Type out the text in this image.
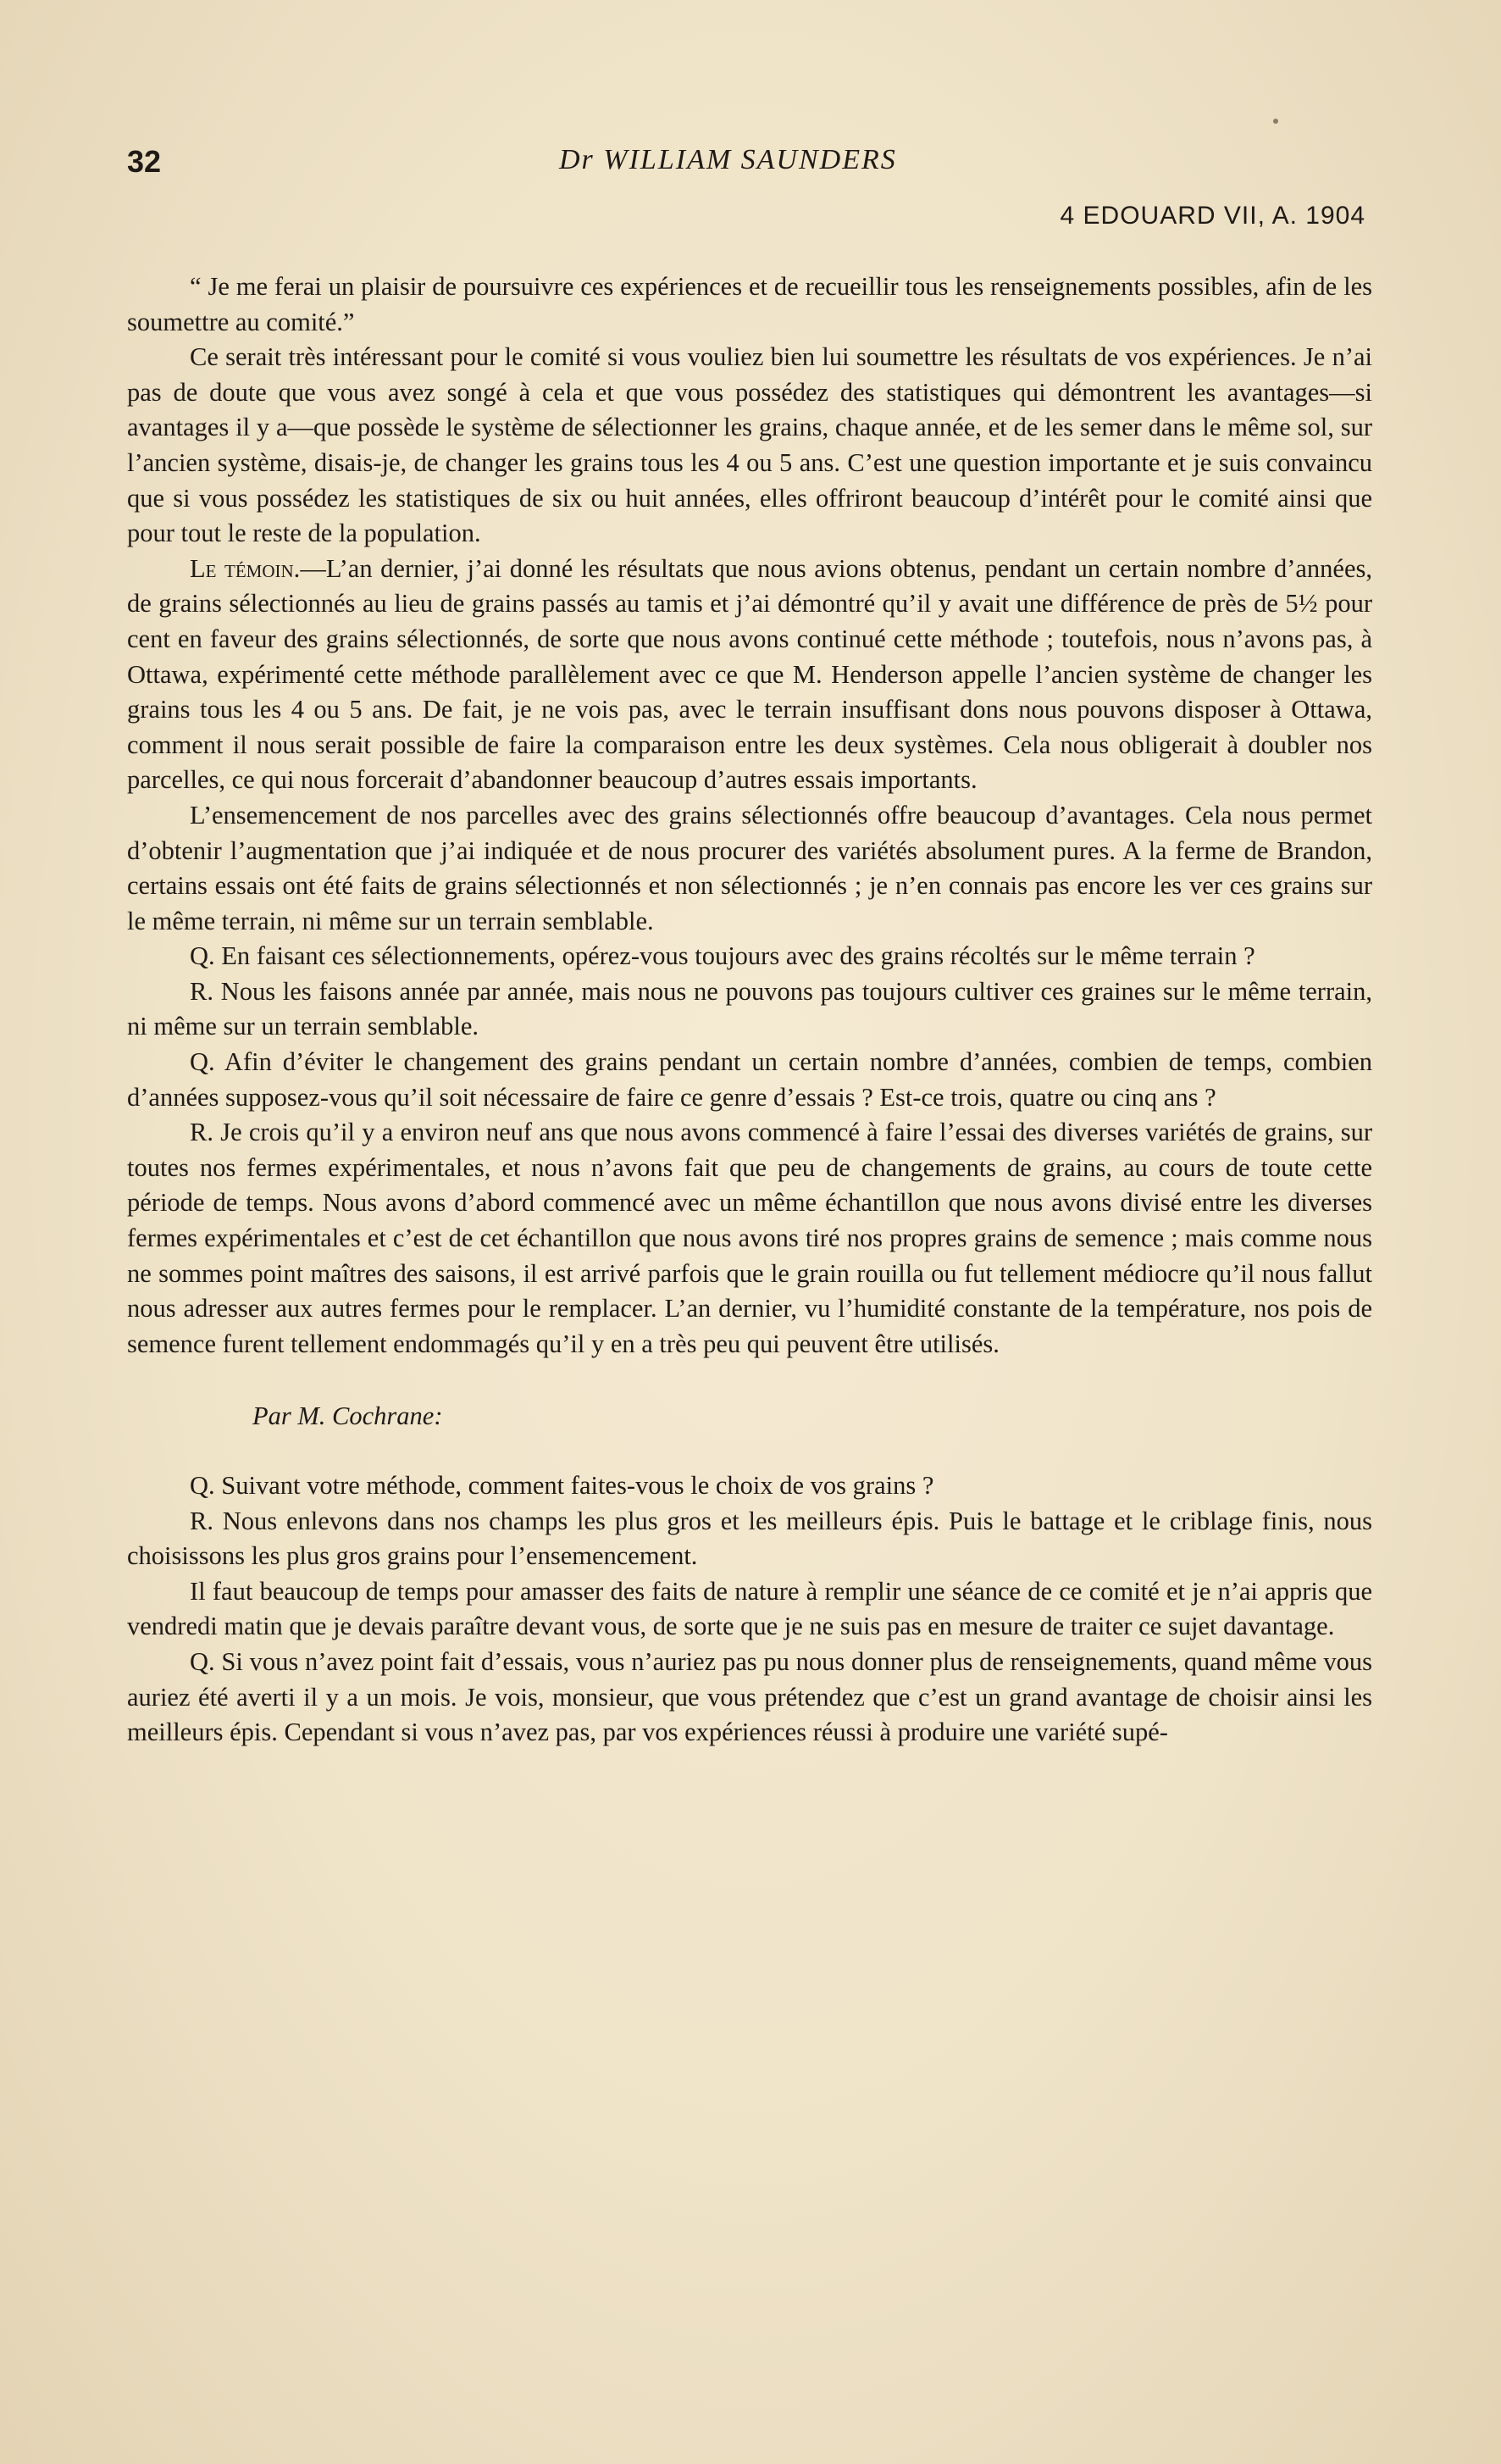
32	Dr WILLIAM SAUNDERS
4 EDOUARD VII, A. 1904

“ Je me ferai un plaisir de poursuivre ces expériences et de recueillir tous les renseignements possibles, afin de les soumettre au comité.”

Ce serait très intéressant pour le comité si vous vouliez bien lui soumettre les résultats de vos expériences. Je n’ai pas de doute que vous avez songé à cela et que vous possédez des statistiques qui démontrent les avantages—si avantages il y a—que possède le système de sélectionner les grains, chaque année, et de les semer dans le même sol, sur l’ancien système, disais-je, de changer les grains tous les 4 ou 5 ans. C’est une question importante et je suis convaincu que si vous possédez les statistiques de six ou huit années, elles offriront beaucoup d’intérêt pour le comité ainsi que pour tout le reste de la population.

Le témoin.—L’an dernier, j’ai donné les résultats que nous avions obtenus, pendant un certain nombre d’années, de grains sélectionnés au lieu de grains passés au tamis et j’ai démontré qu’il y avait une différence de près de 5½ pour cent en faveur des grains sélectionnés, de sorte que nous avons continué cette méthode ; toutefois, nous n’avons pas, à Ottawa, expérimenté cette méthode parallèlement avec ce que M. Henderson appelle l’ancien système de changer les grains tous les 4 ou 5 ans. De fait, je ne vois pas, avec le terrain insuffisant dons nous pouvons disposer à Ottawa, comment il nous serait possible de faire la comparaison entre les deux systèmes. Cela nous obligerait à doubler nos parcelles, ce qui nous forcerait d’abandonner beaucoup d’autres essais importants.

L’ensemencement de nos parcelles avec des grains sélectionnés offre beaucoup d’avantages. Cela nous permet d’obtenir l’augmentation que j’ai indiquée et de nous procurer des variétés absolument pures. A la ferme de Brandon, certains essais ont été faits de grains sélectionnés et non sélectionnés ; je n’en connais pas encore les ver ces grains sur le même terrain, ni même sur un terrain semblable.

Q. En faisant ces sélectionnements, opérez-vous toujours avec des grains récoltés sur le même terrain ?

R. Nous les faisons année par année, mais nous ne pouvons pas toujours cultiver ces graines sur le même terrain, ni même sur un terrain semblable.

Q. Afin d’éviter le changement des grains pendant un certain nombre d’années, combien de temps, combien d’années supposez-vous qu’il soit nécessaire de faire ce genre d’essais ? Est-ce trois, quatre ou cinq ans ?

R. Je crois qu’il y a environ neuf ans que nous avons commencé à faire l’essai des diverses variétés de grains, sur toutes nos fermes expérimentales, et nous n’avons fait que peu de changements de grains, au cours de toute cette période de temps. Nous avons d’abord commencé avec un même échantillon que nous avons divisé entre les diverses fermes expérimentales et c’est de cet échantillon que nous avons tiré nos propres grains de semence ; mais comme nous ne sommes point maîtres des saisons, il est arrivé parfois que le grain rouilla ou fut tellement médiocre qu’il nous fallut nous adresser aux autres fermes pour le remplacer. L’an dernier, vu l’humidité constante de la température, nos pois de semence furent tellement endommagés qu’il y en a très peu qui peuvent être utilisés.

Par M. Cochrane:

Q. Suivant votre méthode, comment faites-vous le choix de vos grains ?

R. Nous enlevons dans nos champs les plus gros et les meilleurs épis. Puis le battage et le criblage finis, nous choisissons les plus gros grains pour l’ensemencement.

Il faut beaucoup de temps pour amasser des faits de nature à remplir une séance de ce comité et je n’ai appris que vendredi matin que je devais paraître devant vous, de sorte que je ne suis pas en mesure de traiter ce sujet davantage.

Q. Si vous n’avez point fait d’essais, vous n’auriez pas pu nous donner plus de renseignements, quand même vous auriez été averti il y a un mois. Je vois, monsieur, que vous prétendez que c’est un grand avantage de choisir ainsi les meilleurs épis. Cependant si vous n’avez pas, par vos expériences réussi à produire une variété supé-
